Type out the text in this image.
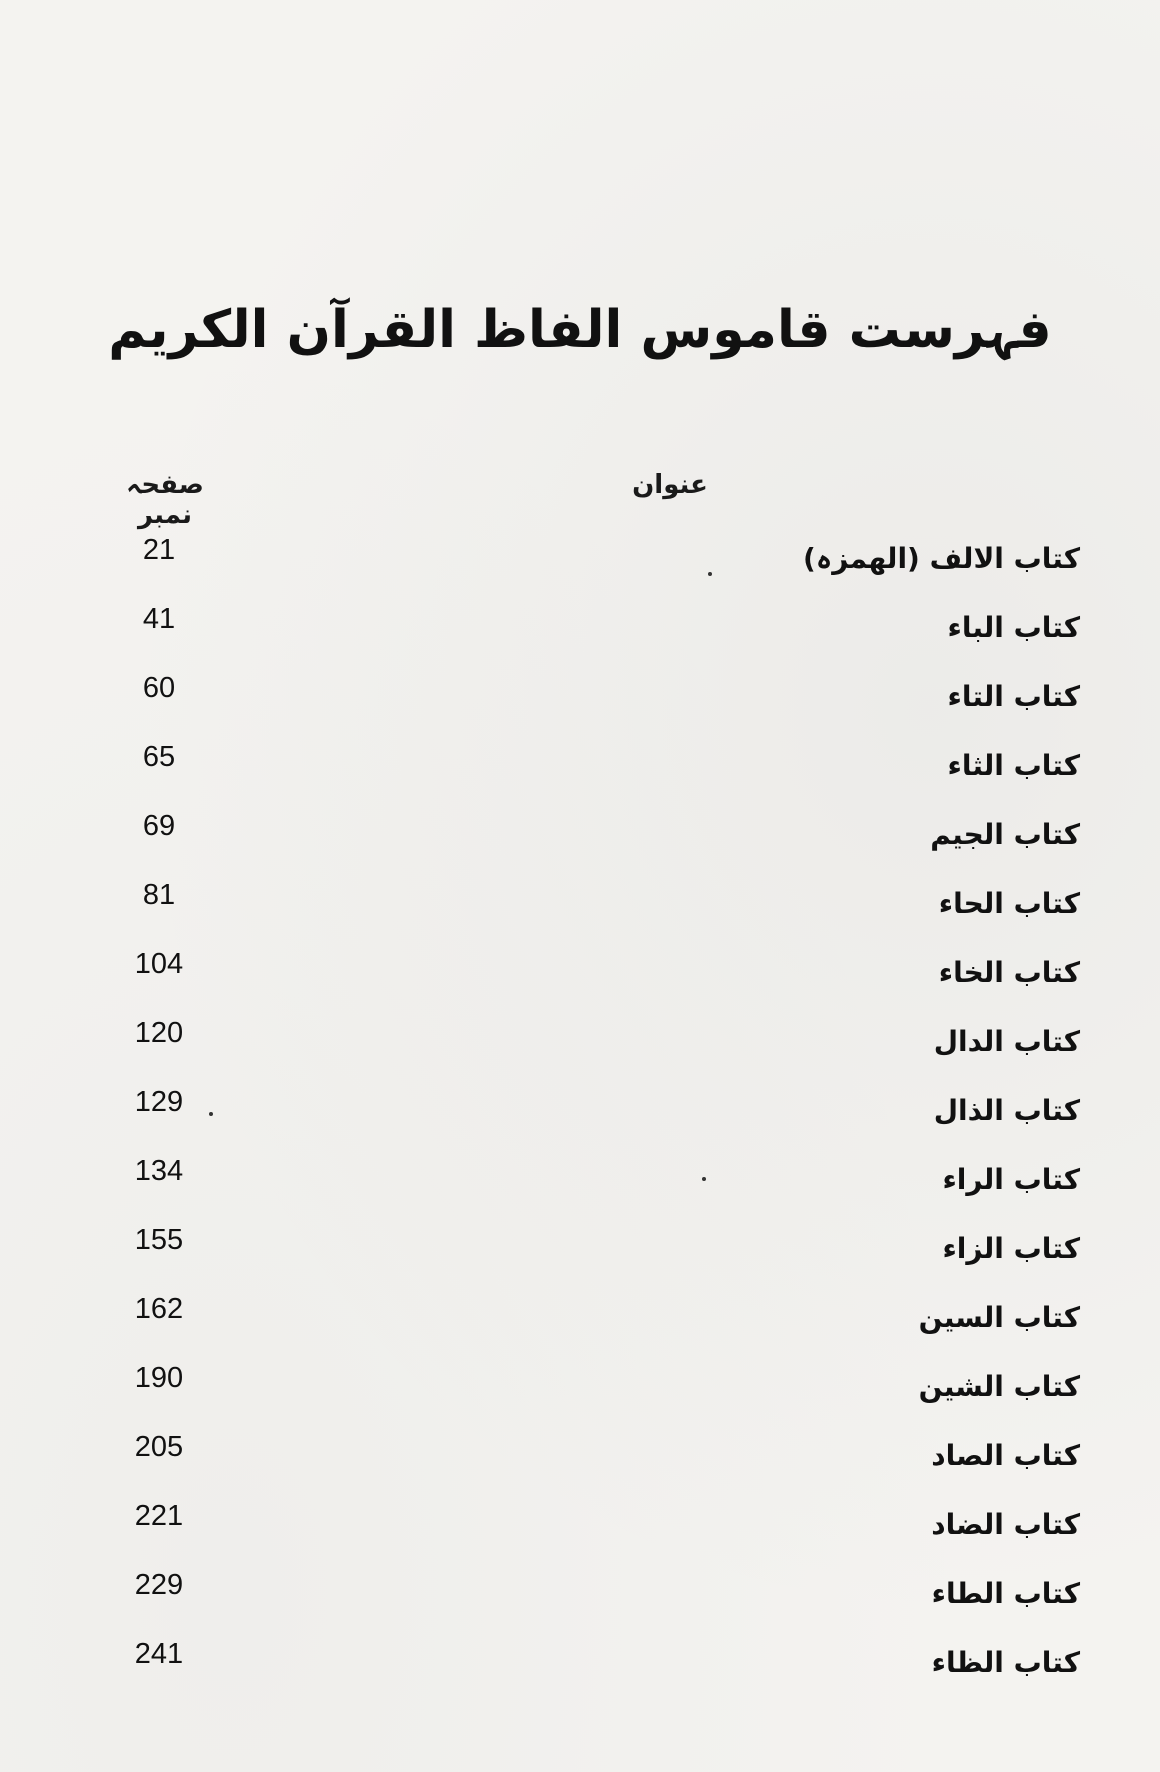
فہرست قاموس الفاظ القرآن الکریم
عنوان
صفحہ نمبر
کتاب الالف (الھمزہ)
21
کتاب الباء
41
کتاب التاء
60
کتاب الثاء
65
کتاب الجیم
69
کتاب الحاء
81
کتاب الخاء
104
کتاب الدال
120
کتاب الذال
129
کتاب الراء
134
کتاب الزاء
155
کتاب السین
162
کتاب الشین
190
کتاب الصاد
205
کتاب الضاد
221
کتاب الطاء
229
کتاب الظاء
241
